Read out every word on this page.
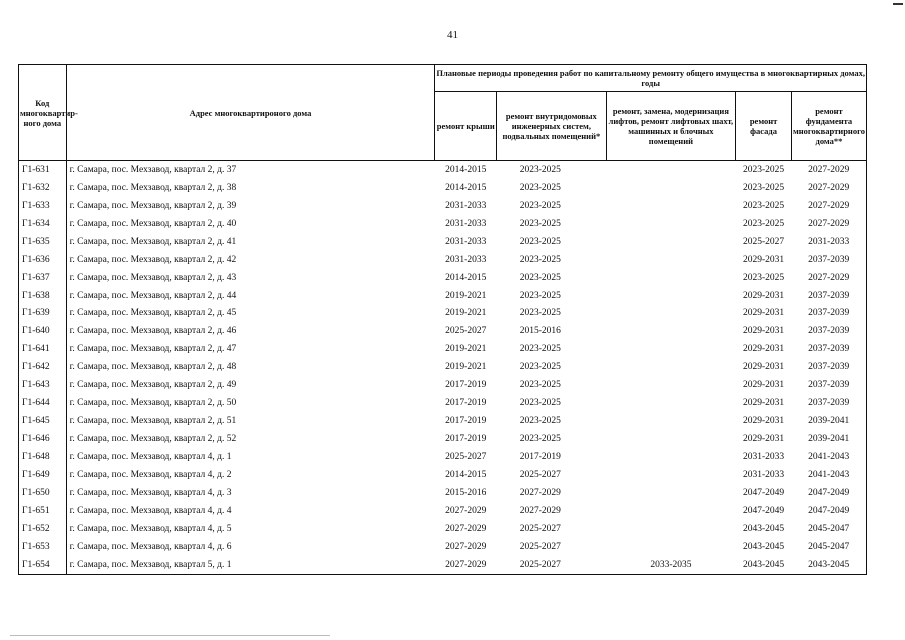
41
Код многоквартир-ного дома	Адрес многоквартироного дома	Плановые периоды проведения работ по капитальному ремонту общего имущества в многоквартирных домах, годы				
		ремонт крыши	ремонт внутридомовых инженерных систем, подвальных помещений*	ремонт, замена, модернизация лифтов, ремонт лифтовых шахт, машинных и блочных помещений	ремонт фасада	ремонт фундамента многоквартирного дома**
Г1-631	г. Самара, пос. Мехзавод, квартал 2, д. 37	2014-2015	2023-2025		2023-2025	2027-2029
Г1-632	г. Самара, пос. Мехзавод, квартал 2, д. 38	2014-2015	2023-2025		2023-2025	2027-2029
Г1-633	г. Самара, пос. Мехзавод, квартал 2, д. 39	2031-2033	2023-2025		2023-2025	2027-2029
Г1-634	г. Самара, пос. Мехзавод, квартал 2, д. 40	2031-2033	2023-2025		2023-2025	2027-2029
Г1-635	г. Самара, пос. Мехзавод, квартал 2, д. 41	2031-2033	2023-2025		2025-2027	2031-2033
Г1-636	г. Самара, пос. Мехзавод, квартал 2, д. 42	2031-2033	2023-2025		2029-2031	2037-2039
Г1-637	г. Самара, пос. Мехзавод, квартал 2, д. 43	2014-2015	2023-2025		2023-2025	2027-2029
Г1-638	г. Самара, пос. Мехзавод, квартал 2, д. 44	2019-2021	2023-2025		2029-2031	2037-2039
Г1-639	г. Самара, пос. Мехзавод, квартал 2, д. 45	2019-2021	2023-2025		2029-2031	2037-2039
Г1-640	г. Самара, пос. Мехзавод, квартал 2, д. 46	2025-2027	2015-2016		2029-2031	2037-2039
Г1-641	г. Самара, пос. Мехзавод, квартал 2, д. 47	2019-2021	2023-2025		2029-2031	2037-2039
Г1-642	г. Самара, пос. Мехзавод, квартал 2, д. 48	2019-2021	2023-2025		2029-2031	2037-2039
Г1-643	г. Самара, пос. Мехзавод, квартал 2, д. 49	2017-2019	2023-2025		2029-2031	2037-2039
Г1-644	г. Самара, пос. Мехзавод, квартал 2, д. 50	2017-2019	2023-2025		2029-2031	2037-2039
Г1-645	г. Самара, пос. Мехзавод, квартал 2, д. 51	2017-2019	2023-2025		2029-2031	2039-2041
Г1-646	г. Самара, пос. Мехзавод, квартал 2, д. 52	2017-2019	2023-2025		2029-2031	2039-2041
Г1-648	г. Самара, пос. Мехзавод, квартал 4, д. 1	2025-2027	2017-2019		2031-2033	2041-2043
Г1-649	г. Самара, пос. Мехзавод, квартал 4, д. 2	2014-2015	2025-2027		2031-2033	2041-2043
Г1-650	г. Самара, пос. Мехзавод, квартал 4, д. 3	2015-2016	2027-2029		2047-2049	2047-2049
Г1-651	г. Самара, пос. Мехзавод, квартал 4, д. 4	2027-2029	2027-2029		2047-2049	2047-2049
Г1-652	г. Самара, пос. Мехзавод, квартал 4, д. 5	2027-2029	2025-2027		2043-2045	2045-2047
Г1-653	г. Самара, пос. Мехзавод, квартал 4, д. 6	2027-2029	2025-2027		2043-2045	2045-2047
Г1-654	г. Самара, пос. Мехзавод, квартал 5, д. 1	2027-2029	2025-2027	2033-2035	2043-2045	2043-2045
